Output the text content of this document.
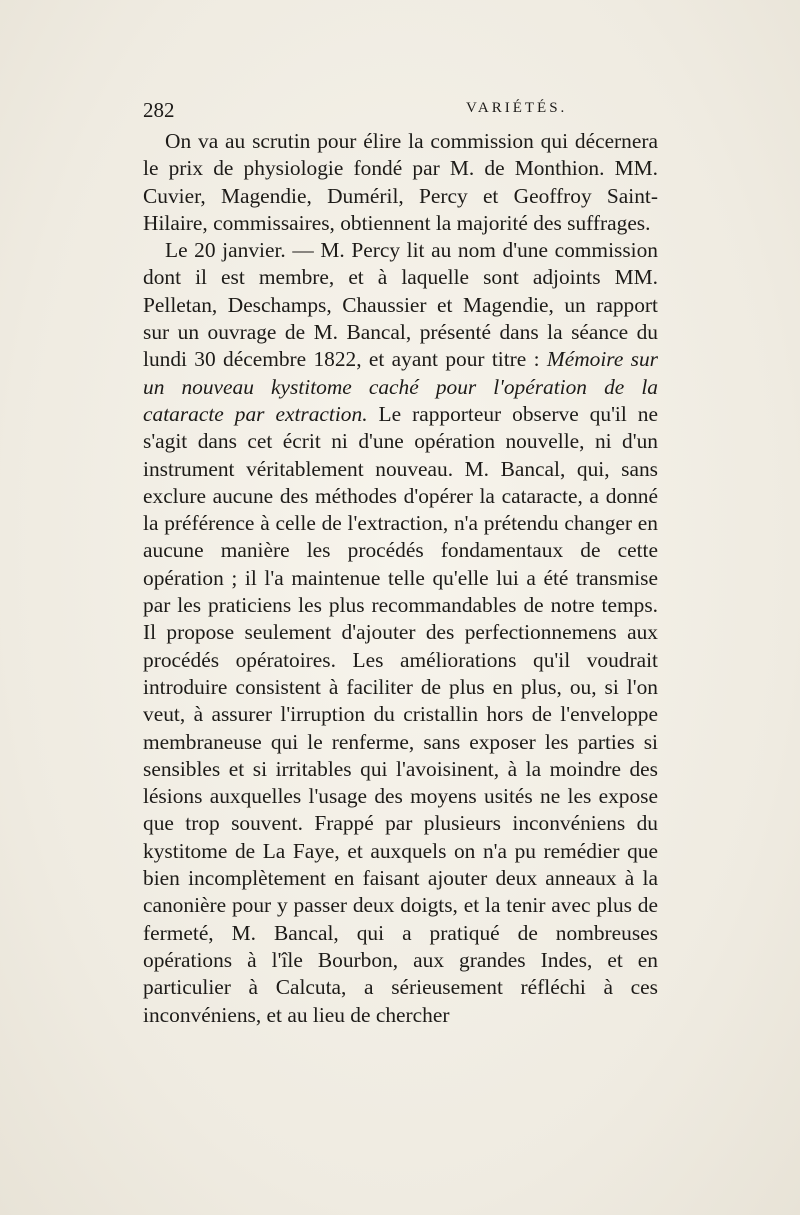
282	VARIÉTÉS.

On va au scrutin pour élire la commission qui décernera le prix de physiologie fondé par M. de Monthion. MM. Cuvier, Magendie, Duméril, Percy et Geoffroy Saint-Hilaire, commissaires, obtiennent la majorité des suffrages.

Le 20 janvier. — M. Percy lit au nom d'une commission dont il est membre, et à laquelle sont adjoints MM. Pelletan, Deschamps, Chaussier et Magendie, un rapport sur un ouvrage de M. Bancal, présenté dans la séance du lundi 30 décembre 1822, et ayant pour titre : Mémoire sur un nouveau kystitome caché pour l'opération de la cataracte par extraction. Le rapporteur observe qu'il ne s'agit dans cet écrit ni d'une opération nouvelle, ni d'un instrument véritablement nouveau. M. Bancal, qui, sans exclure aucune des méthodes d'opérer la cataracte, a donné la préférence à celle de l'extraction, n'a prétendu changer en aucune manière les procédés fondamentaux de cette opération ; il l'a maintenue telle qu'elle lui a été transmise par les praticiens les plus recommandables de notre temps. Il propose seulement d'ajouter des perfectionnemens aux procédés opératoires. Les améliorations qu'il voudrait introduire consistent à faciliter de plus en plus, ou, si l'on veut, à assurer l'irruption du cristallin hors de l'enveloppe membraneuse qui le renferme, sans exposer les parties si sensibles et si irritables qui l'avoisinent, à la moindre des lésions auxquelles l'usage des moyens usités ne les expose que trop souvent. Frappé par plusieurs inconvéniens du kystitome de La Faye, et auxquels on n'a pu remédier que bien incomplètement en faisant ajouter deux anneaux à la canonière pour y passer deux doigts, et la tenir avec plus de fermeté, M. Bancal, qui a pratiqué de nombreuses opérations à l'île Bourbon, aux grandes Indes, et en particulier à Calcuta, a sérieusement réfléchi à ces inconvéniens, et au lieu de chercher
